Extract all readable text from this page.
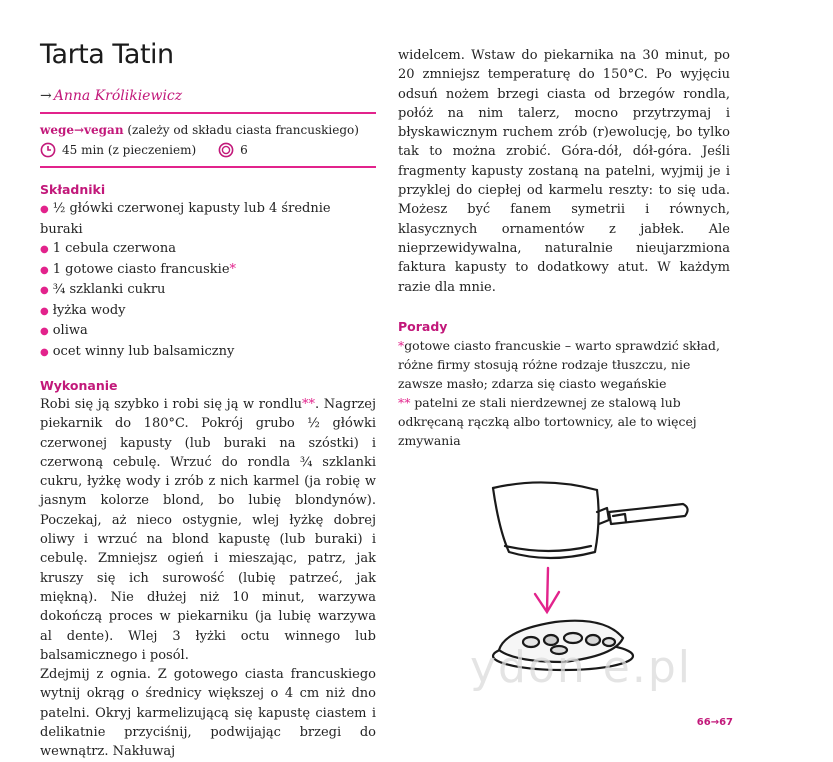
Tarta Tatin
→ Anna Królikiewicz
wege→vegan (zależy od składu ciasta francuskiego)
45 min (z pieczeniem)	6
Składniki
● ½ główki czerwonej kapusty lub 4 średnie buraki
● 1 cebula czerwona
● 1 gotowe ciasto francuskie*
● ¾ szklanki cukru
● łyżka wody
● oliwa
● ocet winny lub balsamiczny
Wykonanie

Robi się ją szybko i robi się ją w rondlu**. Nagrzej piekarnik do 180°C. Pokrój grubo ½ główki czerwonej kapusty (lub buraki na szóstki) i czerwoną cebulę. Wrzuć do rondla ¾ szklanki cukru, łyżkę wody i zrób z nich karmel (ja robię w jasnym kolorze blond, bo lubię blondynów). Poczekaj, aż nieco ostygnie, wlej łyżkę dobrej oliwy i wrzuć na blond kapustę (lub buraki) i cebulę. Zmniejsz ogień i mieszając, patrz, jak kruszy się ich surowość (lubię patrzeć, jak miękną). Nie dłużej niż 10 minut, warzywa dokończą proces w piekarniku (ja lubię warzywa al dente). Wlej 3 łyżki octu winnego lub balsamicznego i posól.

Zdejmij z ognia. Z gotowego ciasta francuskiego wytnij okrąg o średnicy większej o 4 cm niż dno patelni. Okryj karmelizującą się kapustę ciastem i delikatnie przyciśnij, podwijając brzegi do wewnątrz. Nakłuwaj

widelcem. Wstaw do piekarnika na 30 minut, po 20 zmniejsz temperaturę do 150°C. Po wyjęciu odsuń nożem brzegi ciasta od brzegów rondla, połóż na nim talerz, mocno przytrzymaj i błyskawicznym ruchem zrób (r)ewolucję, bo tylko tak to można zrobić. Góra-dół, dół-góra. Jeśli fragmenty kapusty zostaną na patelni, wyjmij je i przyklej do ciepłej od karmelu reszty: to się uda. Możesz być fanem symetrii i równych, klasycznych ornamentów z jabłek. Ale nieprzewidywalna, naturalnie nieujarzmiona faktura kapusty to dodatkowy atut. W każdym razie dla mnie.

Porady

*gotowe ciasto francuskie – warto sprawdzić skład, różne firmy stosują różne rodzaje tłuszczu, nie zawsze masło; zdarza się ciasto wegańskie

** patelni ze stali nierdzewnej ze stalową lub odkręcaną rączką albo tortownicy, ale to więcej zmywania

ydon e.pl
66→67
